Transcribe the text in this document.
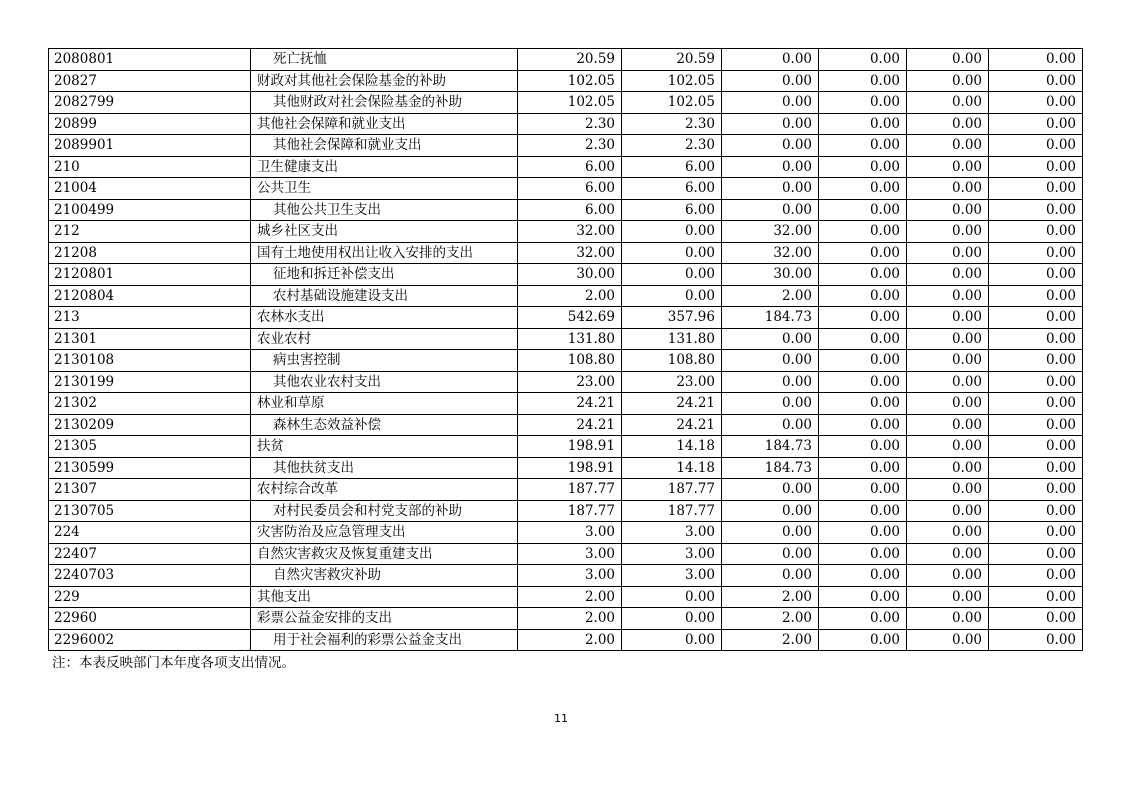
2080801	死亡抚恤	20.59	20.59	0.00	0.00	0.00	0.00
20827	财政对其他社会保险基金的补助	102.05	102.05	0.00	0.00	0.00	0.00
2082799	其他财政对社会保险基金的补助	102.05	102.05	0.00	0.00	0.00	0.00
20899	其他社会保障和就业支出	2.30	2.30	0.00	0.00	0.00	0.00
2089901	其他社会保障和就业支出	2.30	2.30	0.00	0.00	0.00	0.00
210	卫生健康支出	6.00	6.00	0.00	0.00	0.00	0.00
21004	公共卫生	6.00	6.00	0.00	0.00	0.00	0.00
2100499	其他公共卫生支出	6.00	6.00	0.00	0.00	0.00	0.00
212	城乡社区支出	32.00	0.00	32.00	0.00	0.00	0.00
21208	国有土地使用权出让收入安排的支出	32.00	0.00	32.00	0.00	0.00	0.00
2120801	征地和拆迁补偿支出	30.00	0.00	30.00	0.00	0.00	0.00
2120804	农村基础设施建设支出	2.00	0.00	2.00	0.00	0.00	0.00
213	农林水支出	542.69	357.96	184.73	0.00	0.00	0.00
21301	农业农村	131.80	131.80	0.00	0.00	0.00	0.00
2130108	病虫害控制	108.80	108.80	0.00	0.00	0.00	0.00
2130199	其他农业农村支出	23.00	23.00	0.00	0.00	0.00	0.00
21302	林业和草原	24.21	24.21	0.00	0.00	0.00	0.00
2130209	森林生态效益补偿	24.21	24.21	0.00	0.00	0.00	0.00
21305	扶贫	198.91	14.18	184.73	0.00	0.00	0.00
2130599	其他扶贫支出	198.91	14.18	184.73	0.00	0.00	0.00
21307	农村综合改革	187.77	187.77	0.00	0.00	0.00	0.00
2130705	对村民委员会和村党支部的补助	187.77	187.77	0.00	0.00	0.00	0.00
224	灾害防治及应急管理支出	3.00	3.00	0.00	0.00	0.00	0.00
22407	自然灾害救灾及恢复重建支出	3.00	3.00	0.00	0.00	0.00	0.00
2240703	自然灾害救灾补助	3.00	3.00	0.00	0.00	0.00	0.00
229	其他支出	2.00	0.00	2.00	0.00	0.00	0.00
22960	彩票公益金安排的支出	2.00	0.00	2.00	0.00	0.00	0.00
2296002	用于社会福利的彩票公益金支出	2.00	0.00	2.00	0.00	0.00	0.00
注：本表反映部门本年度各项支出情况。
11
